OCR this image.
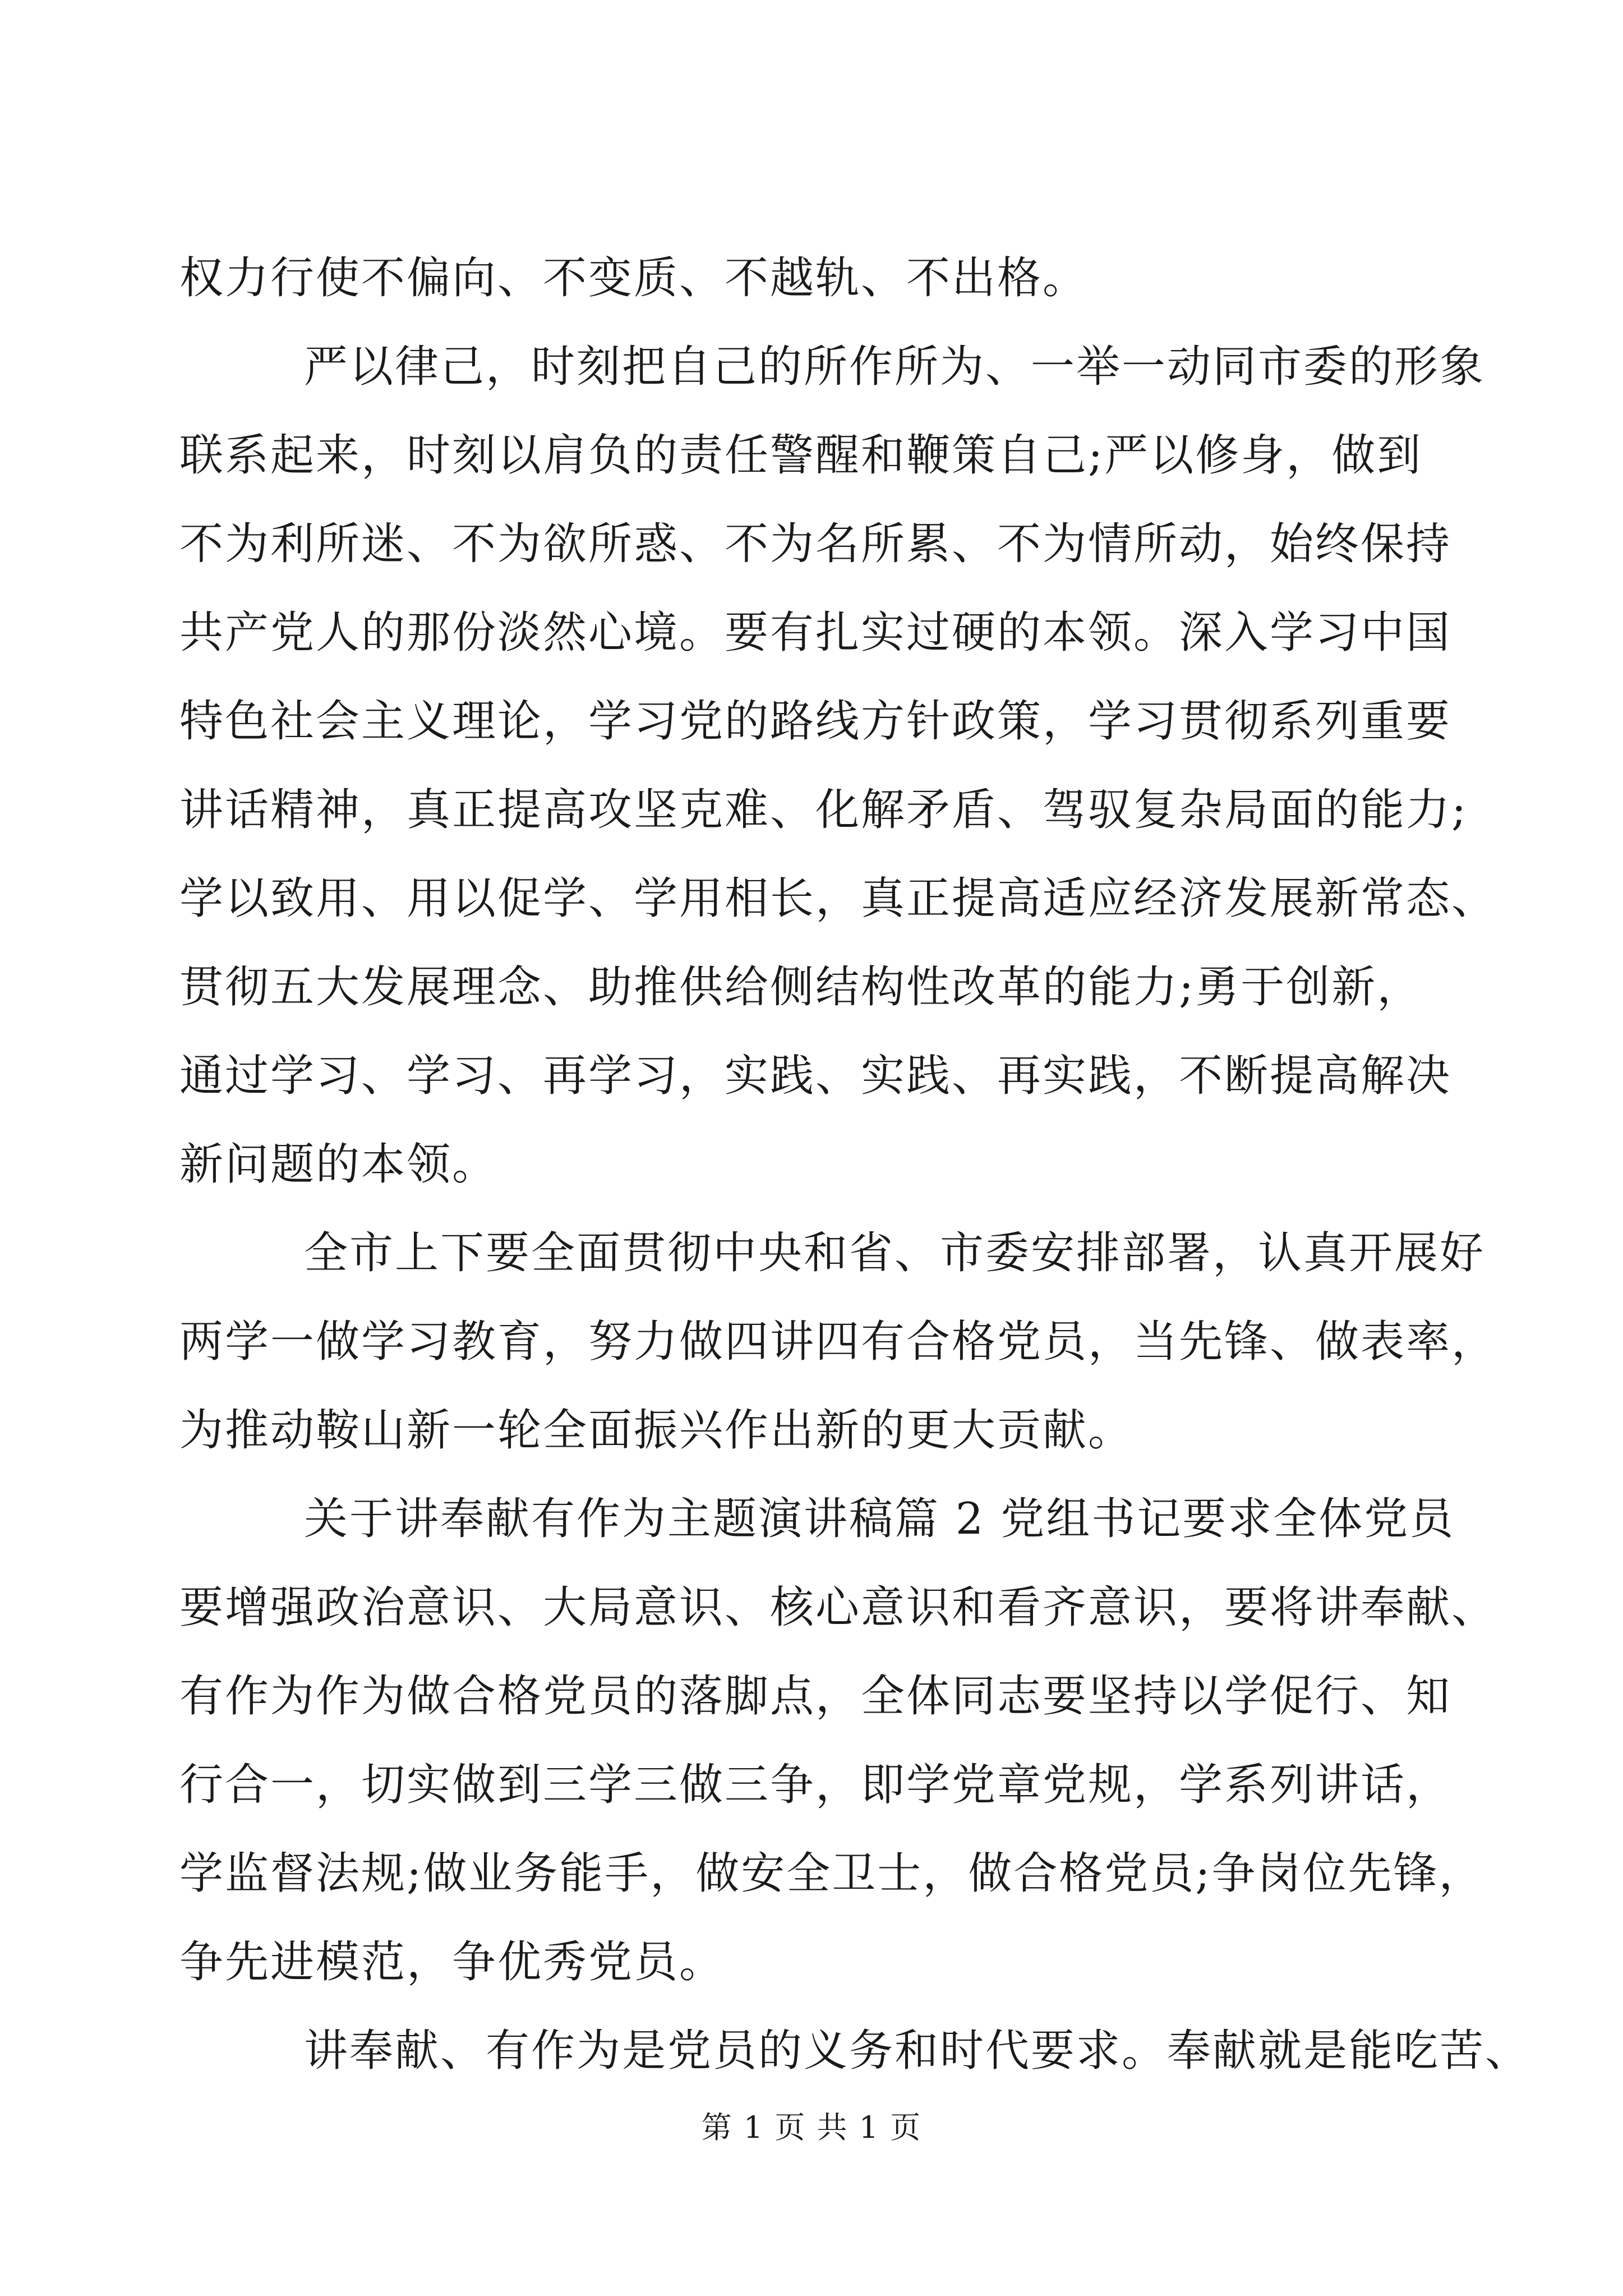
权力行使不偏向、不变质、不越轨、不出格。
严以律己，时刻把自己的所作所为、一举一动同市委的形象
联系起来，时刻以肩负的责任警醒和鞭策自己;严以修身，做到
不为利所迷、不为欲所惑、不为名所累、不为情所动，始终保持
共产党人的那份淡然心境。要有扎实过硬的本领。深入学习中国
特色社会主义理论，学习党的路线方针政策，学习贯彻系列重要
讲话精神，真正提高攻坚克难、化解矛盾、驾驭复杂局面的能力;
学以致用、用以促学、学用相长，真正提高适应经济发展新常态、
贯彻五大发展理念、助推供给侧结构性改革的能力;勇于创新，
通过学习、学习、再学习，实践、实践、再实践，不断提高解决
新问题的本领。
全市上下要全面贯彻中央和省、市委安排部署，认真开展好
两学一做学习教育，努力做四讲四有合格党员，当先锋、做表率，
为推动鞍山新一轮全面振兴作出新的更大贡献。
关于讲奉献有作为主题演讲稿篇 2 党组书记要求全体党员
要增强政治意识、大局意识、核心意识和看齐意识，要将讲奉献、
有作为作为做合格党员的落脚点，全体同志要坚持以学促行、知
行合一，切实做到三学三做三争，即学党章党规，学系列讲话，
学监督法规;做业务能手，做安全卫士，做合格党员;争岗位先锋，
争先进模范，争优秀党员。
讲奉献、有作为是党员的义务和时代要求。奉献就是能吃苦、
第 1 页 共 1 页
